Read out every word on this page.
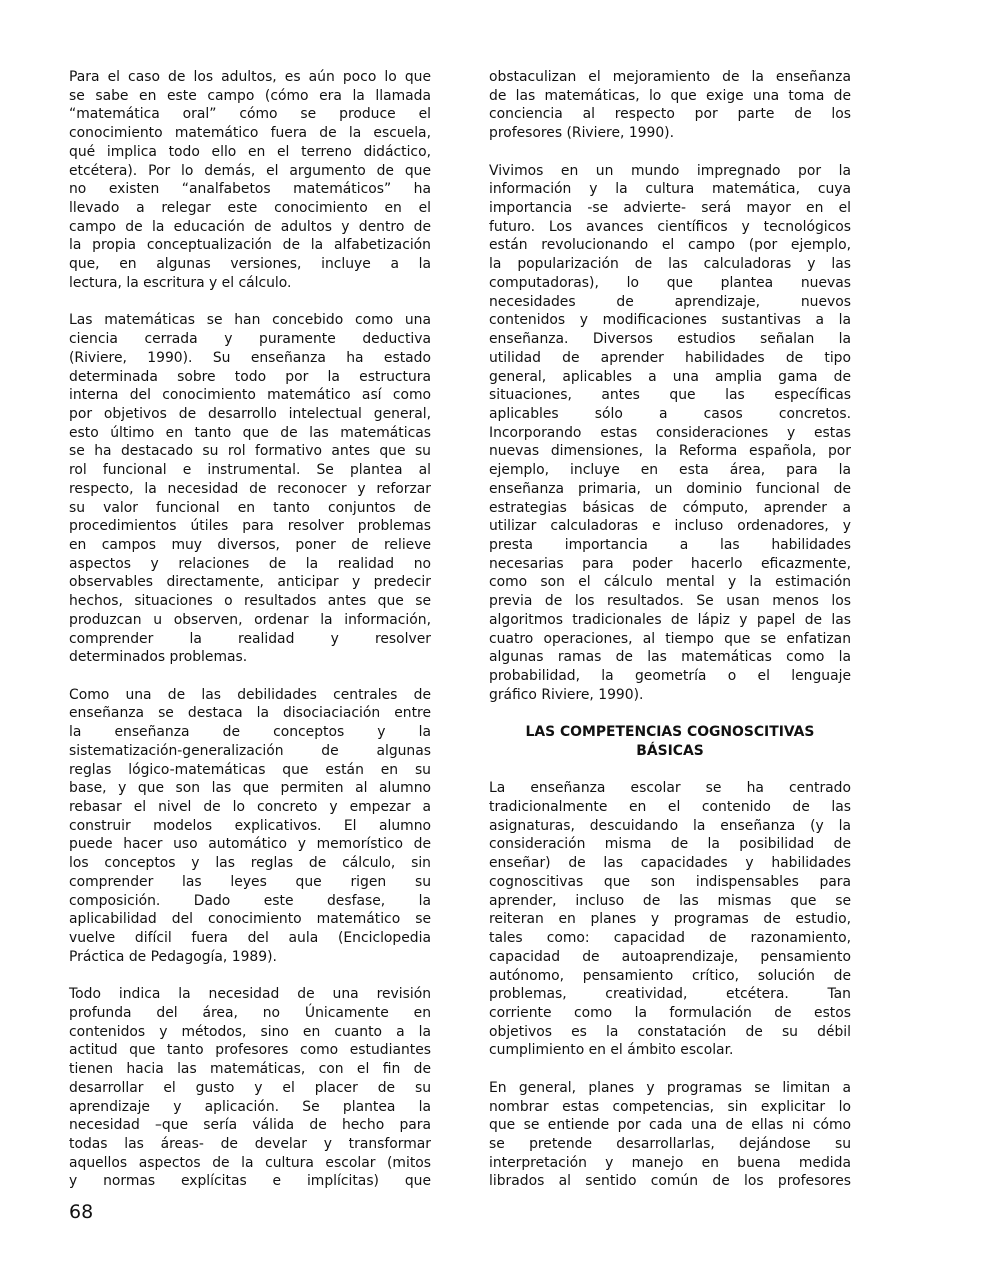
Para el caso de los adultos, es aún poco lo que
se sabe en este campo (cómo era la llamada
“matemática oral” cómo se produce el
conocimiento matemático fuera de la escuela,
qué implica todo ello en el terreno didáctico,
etcétera). Por lo demás, el argumento de que
no existen “analfabetos matemáticos” ha
llevado a relegar este conocimiento en el
campo de la educación de adultos y dentro de
la propia conceptualización de la alfabetización
que, en algunas versiones, incluye a la
lectura, la escritura y el cálculo.
Las matemáticas se han concebido como una
ciencia cerrada y puramente deductiva
(Riviere, 1990). Su enseñanza ha estado
determinada sobre todo por la estructura
interna del conocimiento matemático así como
por objetivos de desarrollo intelectual general,
esto último en tanto que de las matemáticas
se ha destacado su rol formativo antes que su
rol funcional e instrumental. Se plantea al
respecto, la necesidad de reconocer y reforzar
su valor funcional en tanto conjuntos de
procedimientos útiles para resolver problemas
en campos muy diversos, poner de relieve
aspectos y relaciones de la realidad no
observables directamente, anticipar y predecir
hechos, situaciones o resultados antes que se
produzcan u observen, ordenar la información,
comprender la realidad y resolver
determinados problemas.
Como una de las debilidades centrales de
enseñanza se destaca la disociaciación entre
la enseñanza de conceptos y la
sistematización-generalización de algunas
reglas lógico-matemáticas que están en su
base, y que son las que permiten al alumno
rebasar el nivel de lo concreto y empezar a
construir modelos explicativos. El alumno
puede hacer uso automático y memorístico de
los conceptos y las reglas de cálculo, sin
comprender las leyes que rigen su
composición. Dado este desfase, la
aplicabilidad del conocimiento matemático se
vuelve difícil fuera del aula (Enciclopedia
Práctica de Pedagogía, 1989).
Todo indica la necesidad de una revisión
profunda del área, no Únicamente en
contenidos y métodos, sino en cuanto a la
actitud que tanto profesores como estudiantes
tienen hacia las matemáticas, con el fin de
desarrollar el gusto y el placer de su
aprendizaje y aplicación. Se plantea la
necesidad –que sería válida de hecho para
todas las áreas- de develar y transformar
aquellos aspectos de la cultura escolar (mitos
y normas explícitas e implícitas) que
obstaculizan el mejoramiento de la enseñanza
de las matemáticas, lo que exige una toma de
conciencia al respecto por parte de los
profesores (Riviere, 1990).
Vivimos en un mundo impregnado por la
información y la cultura matemática, cuya
importancia -se advierte- será mayor en el
futuro. Los avances científicos y tecnológicos
están revolucionando el campo (por ejemplo,
la popularización de las calculadoras y las
computadoras), lo que plantea nuevas
necesidades de aprendizaje, nuevos
contenidos y modificaciones sustantivas a la
enseñanza. Diversos estudios señalan la
utilidad de aprender habilidades de tipo
general, aplicables a una amplia gama de
situaciones, antes que las específicas
aplicables sólo a casos concretos.
Incorporando estas consideraciones y estas
nuevas dimensiones, la Reforma española, por
ejemplo, incluye en esta área, para la
enseñanza primaria, un dominio funcional de
estrategias básicas de cómputo, aprender a
utilizar calculadoras e incluso ordenadores, y
presta importancia a las habilidades
necesarias para poder hacerlo eficazmente,
como son el cálculo mental y la estimación
previa de los resultados. Se usan menos los
algoritmos tradicionales de lápiz y papel de las
cuatro operaciones, al tiempo que se enfatizan
algunas ramas de las matemáticas como la
probabilidad, la geometría o el lenguaje
gráfico Riviere, 1990).
LAS COMPETENCIAS COGNOSCITIVAS
BÁSICAS
La enseñanza escolar se ha centrado
tradicionalmente en el contenido de las
asignaturas, descuidando la enseñanza (y la
consideración misma de la posibilidad de
enseñar) de las capacidades y habilidades
cognoscitivas que son indispensables para
aprender, incluso de las mismas que se
reiteran en planes y programas de estudio,
tales como: capacidad de razonamiento,
capacidad de autoaprendizaje, pensamiento
autónomo, pensamiento crítico, solución de
problemas, creatividad, etcétera. Tan
corriente como la formulación de estos
objetivos es la constatación de su débil
cumplimiento en el ámbito escolar.
En general, planes y programas se limitan a
nombrar estas competencias, sin explicitar lo
que se entiende por cada una de ellas ni cómo
se pretende desarrollarlas, dejándose su
interpretación y manejo en buena medida
librados al sentido común de los profesores
68
